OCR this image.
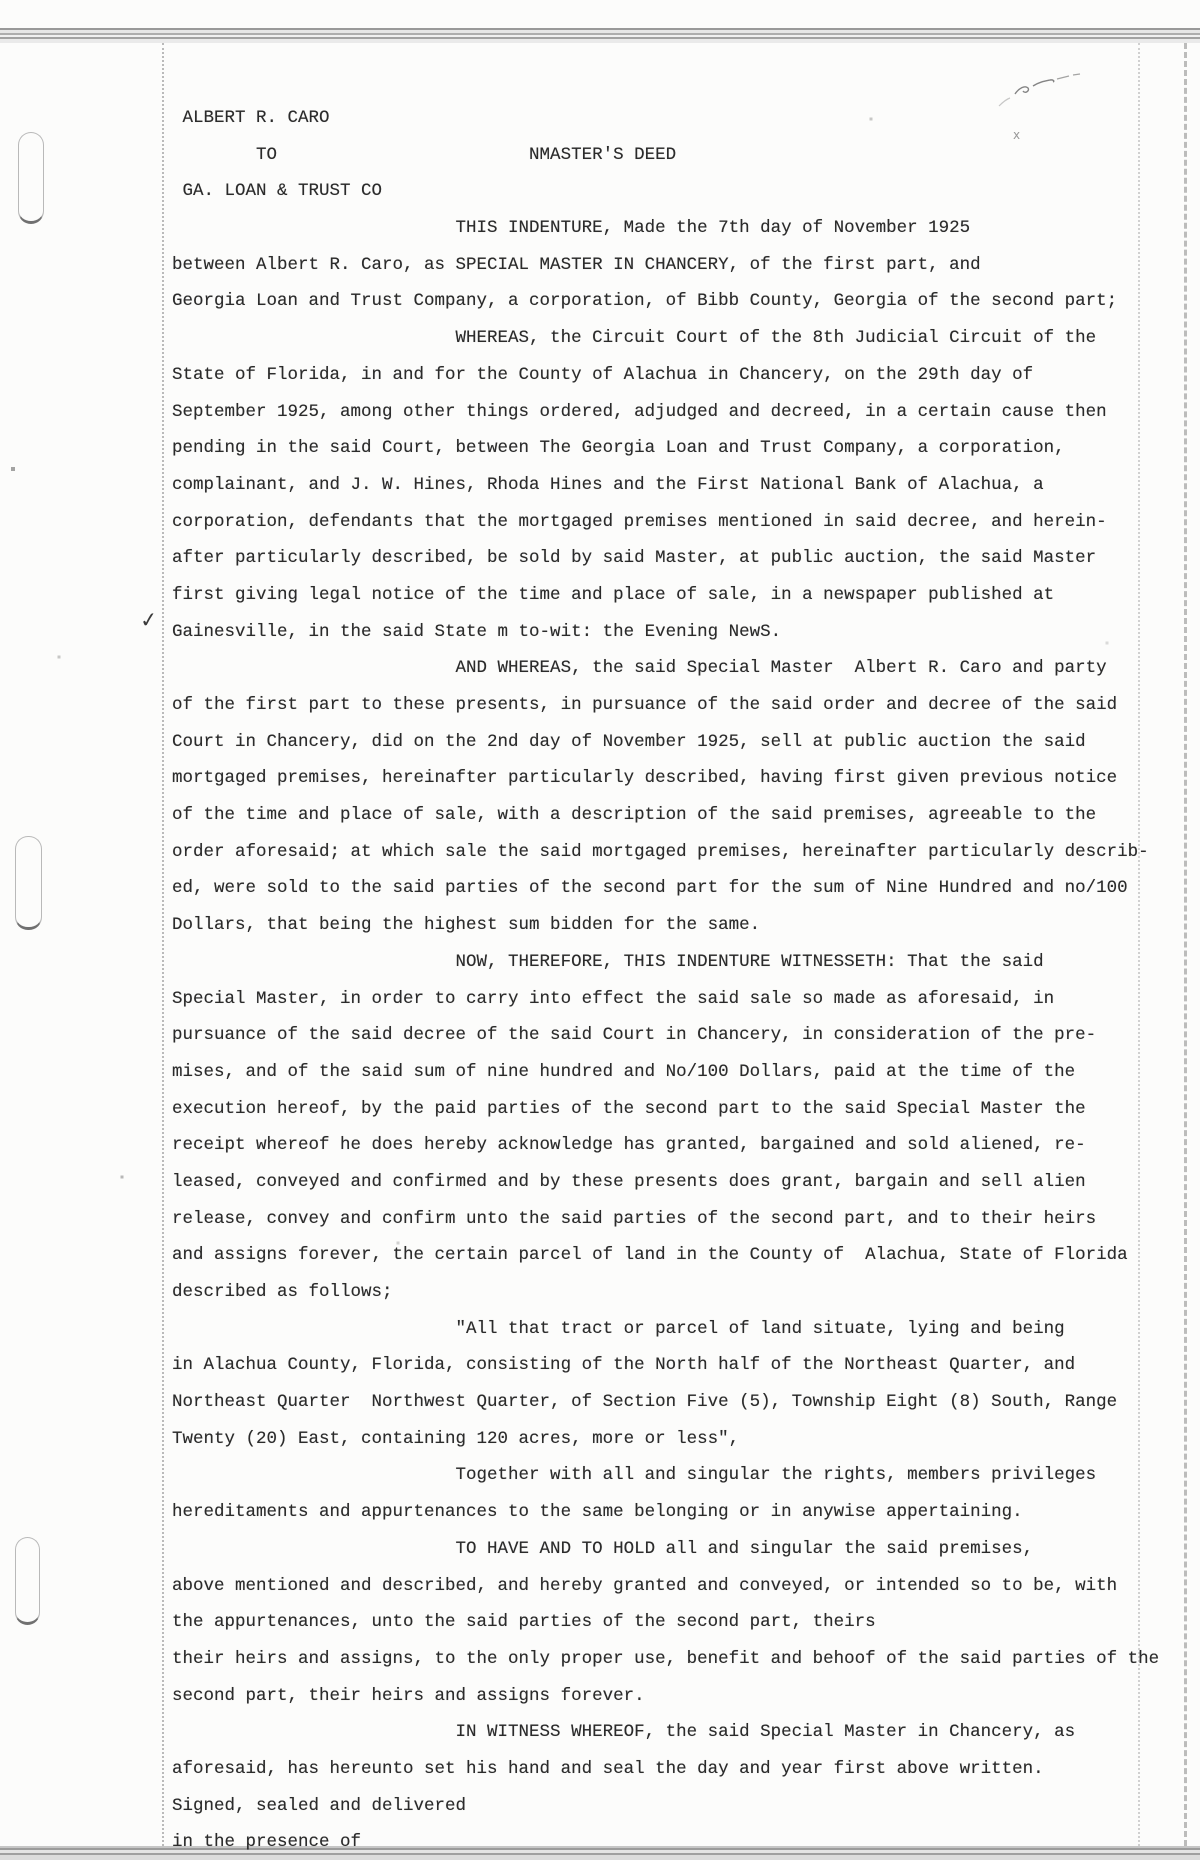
✓
x
ALBERT R. CARO
TO                        NMASTER'S DEED
GA. LOAN & TRUST CO
THIS INDENTURE, Made the 7th day of November 1925
between Albert R. Caro, as SPECIAL MASTER IN CHANCERY, of the first part, and
Georgia Loan and Trust Company, a corporation, of Bibb County, Georgia of the second part;
WHEREAS, the Circuit Court of the 8th Judicial Circuit of the
State of Florida, in and for the County of Alachua in Chancery, on the 29th day of
September 1925, among other things ordered, adjudged and decreed, in a certain cause then
pending in the said Court, between The Georgia Loan and Trust Company, a corporation,
complainant, and J. W. Hines, Rhoda Hines and the First National Bank of Alachua, a
corporation, defendants that the mortgaged premises mentioned in said decree, and herein-
after particularly described, be sold by said Master, at public auction, the said Master
first giving legal notice of the time and place of sale, in a newspaper published at
Gainesville, in the said State m to-wit: the Evening NewS.
AND WHEREAS, the said Special Master  Albert R. Caro and party
of the first part to these presents, in pursuance of the said order and decree of the said
Court in Chancery, did on the 2nd day of November 1925, sell at public auction the said
mortgaged premises, hereinafter particularly described, having first given previous notice
of the time and place of sale, with a description of the said premises, agreeable to the
order aforesaid; at which sale the said mortgaged premises, hereinafter particularly describ-
ed, were sold to the said parties of the second part for the sum of Nine Hundred and no/100
Dollars, that being the highest sum bidden for the same.
NOW, THEREFORE, THIS INDENTURE WITNESSETH: That the said
Special Master, in order to carry into effect the said sale so made as aforesaid, in
pursuance of the said decree of the said Court in Chancery, in consideration of the pre-
mises, and of the said sum of nine hundred and No/100 Dollars, paid at the time of the
execution hereof, by the paid parties of the second part to the said Special Master the
receipt whereof he does hereby acknowledge has granted, bargained and sold aliened, re-
leased, conveyed and confirmed and by these presents does grant, bargain and sell alien
release, convey and confirm unto the said parties of the second part, and to their heirs
and assigns forever, the certain parcel of land in the County of  Alachua, State of Florida
described as follows;
"All that tract or parcel of land situate, lying and being
in Alachua County, Florida, consisting of the North half of the Northeast Quarter, and
Northeast Quarter  Northwest Quarter, of Section Five (5), Township Eight (8) South, Range
Twenty (20) East, containing 120 acres, more or less",
Together with all and singular the rights, members privileges
hereditaments and appurtenances to the same belonging or in anywise appertaining.
TO HAVE AND TO HOLD all and singular the said premises,
above mentioned and described, and hereby granted and conveyed, or intended so to be, with
the appurtenances, unto the said parties of the second part, theirs
their heirs and assigns, to the only proper use, benefit and behoof of the said parties of the
second part, their heirs and assigns forever.
IN WITNESS WHEREOF, the said Special Master in Chancery, as
aforesaid, has hereunto set his hand and seal the day and year first above written.
Signed, sealed and delivered
in the presence of
